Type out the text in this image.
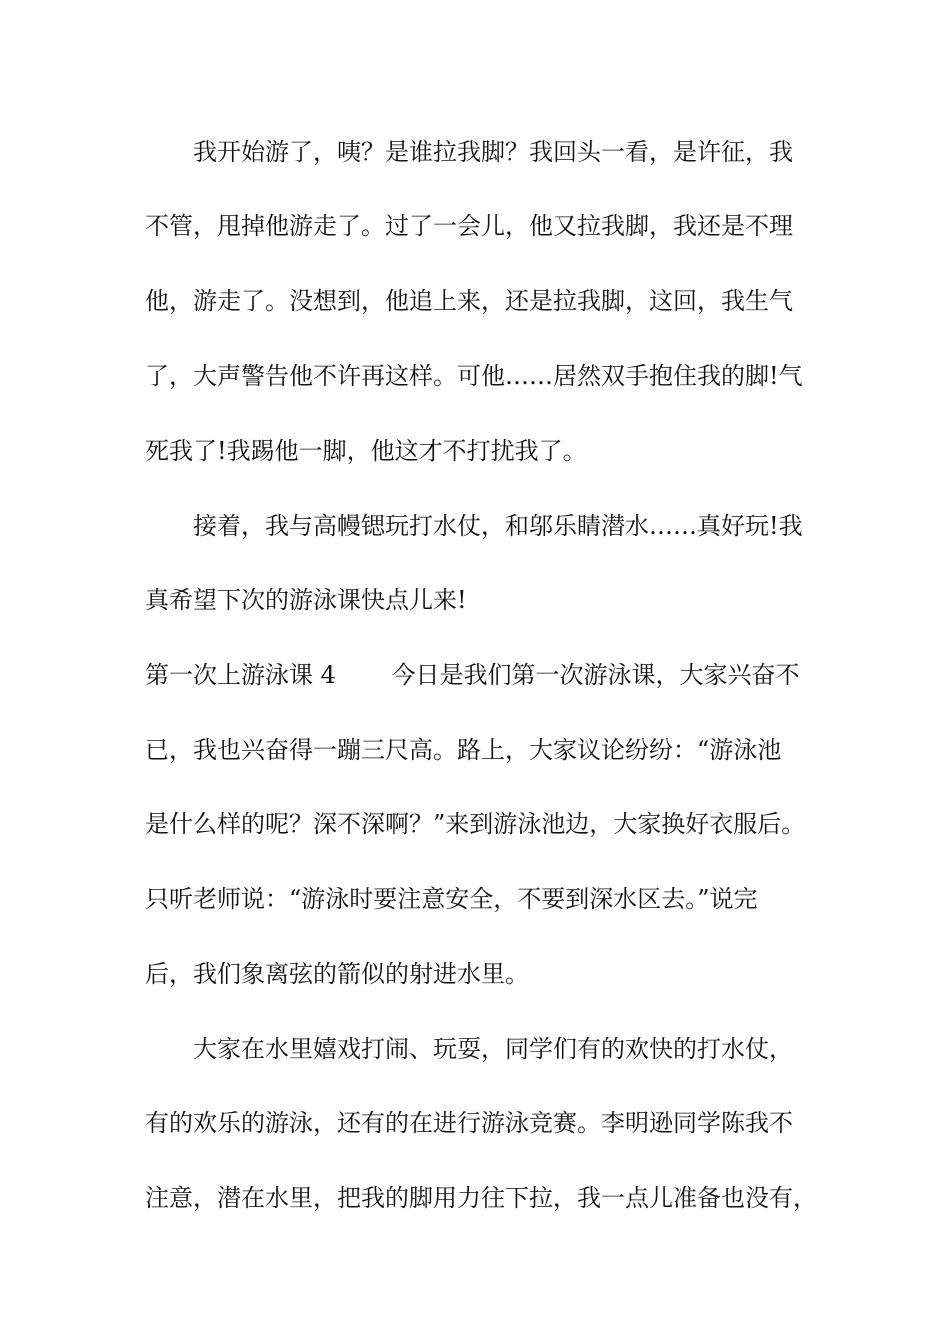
我开始游了，咦？是谁拉我脚？我回头一看，是许征，我
不管，甩掉他游走了。过了一会儿，他又拉我脚，我还是不理
他，游走了。没想到，他追上来，还是拉我脚，这回，我生气
了，大声警告他不许再这样。可他……居然双手抱住我的脚!气
死我了!我踢他一脚，他这才不打扰我了。
接着，我与高幔锶玩打水仗，和邬乐睛潜水……真好玩!我
真希望下次的游泳课快点儿来!
第一次上游泳课 4　　 今日是我们第一次游泳课，大家兴奋不
已，我也兴奋得一蹦三尺高。路上，大家议论纷纷：“游泳池
是什么样的呢？深不深啊？”来到游泳池边，大家换好衣服后。
只听老师说：“游泳时要注意安全，不要到深水区去。”说完
后，我们象离弦的箭似的射进水里。
大家在水里嬉戏打闹、玩耍，同学们有的欢快的打水仗，
有的欢乐的游泳，还有的在进行游泳竞赛。李明逊同学陈我不
注意，潜在水里，把我的脚用力往下拉，我一点儿准备也没有，
